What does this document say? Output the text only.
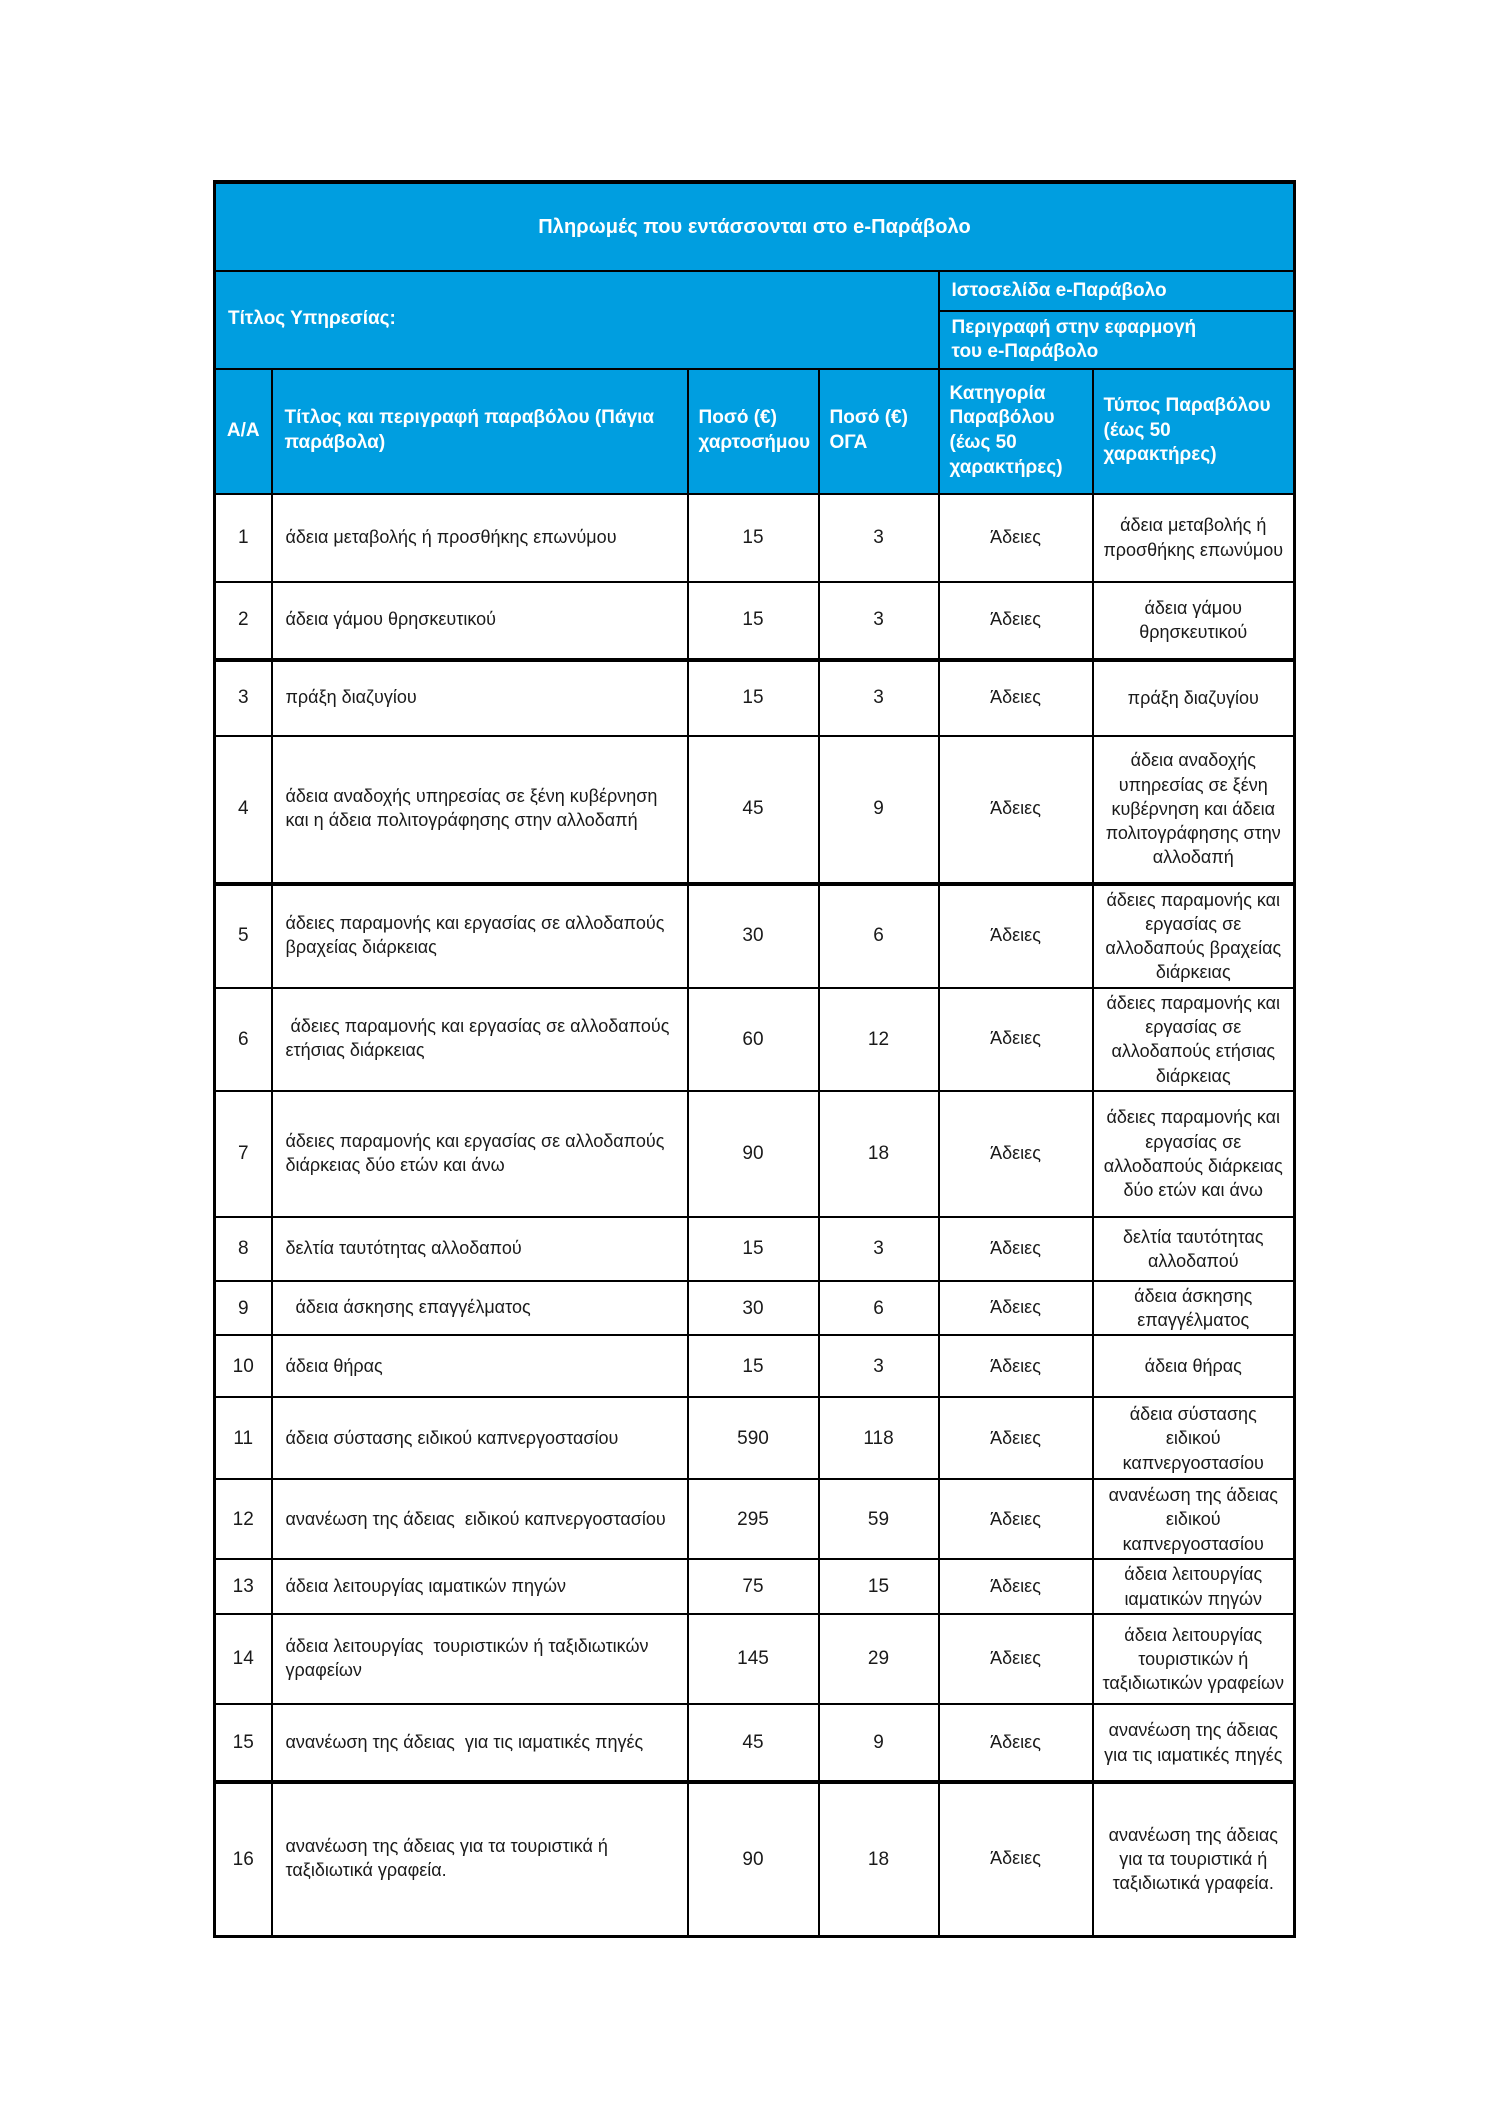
Πληρωμές που εντάσσονται στο e-Παράβολο					
Τίτλος Υπηρεσίας:				Ιστοσελίδα e-Παράβολο	
				Περιγραφή στην εφαρμογή του e-Παράβολο	
Α/Α	Τίτλος και περιγραφή παραβόλου (Πάγια παράβολα)	Ποσό (€) χαρτοσήμου	Ποσό (€) ΟΓΑ	Κατηγορία Παραβόλου (έως 50 χαρακτήρες)	Τύπος Παραβόλου (έως 50 χαρακτήρες)
1	άδεια μεταβολής ή προσθήκης επωνύμου	15	3	Άδειες	άδεια μεταβολής ή προσθήκης επωνύμου
2	άδεια γάμου θρησκευτικού	15	3	Άδειες	άδεια γάμου θρησκευτικού
3	πράξη διαζυγίου	15	3	Άδειες	πράξη διαζυγίου
4	άδεια αναδοχής υπηρεσίας σε ξένη κυβέρνηση και η άδεια πολιτογράφησης στην αλλοδαπή	45	9	Άδειες	άδεια αναδοχής υπηρεσίας σε ξένη κυβέρνηση και άδεια πολιτογράφησης στην αλλοδαπή
5	άδειες παραμονής και εργασίας σε αλλοδαπούς βραχείας διάρκειας	30	6	Άδειες	άδειες παραμονής και εργασίας σε αλλοδαπούς βραχείας διάρκειας
6	άδειες παραμονής και εργασίας σε αλλοδαπούς  ετήσιας διάρκειας	60	12	Άδειες	άδειες παραμονής και εργασίας σε αλλοδαπούς ετήσιας διάρκειας
7	άδειες παραμονής και εργασίας σε αλλοδαπούς διάρκειας δύο ετών και άνω	90	18	Άδειες	άδειες παραμονής και εργασίας σε αλλοδαπούς διάρκειας δύο ετών και άνω
8	δελτία ταυτότητας αλλοδαπού	15	3	Άδειες	δελτία ταυτότητας αλλοδαπού
9	άδεια άσκησης επαγγέλματος	30	6	Άδειες	άδεια άσκησης επαγγέλματος
10	άδεια θήρας	15	3	Άδειες	άδεια θήρας
11	άδεια σύστασης ειδικού καπνεργοστασίου	590	118	Άδειες	άδεια σύστασης ειδικού καπνεργοστασίου
12	ανανέωση της άδειας  ειδικού καπνεργοστασίου	295	59	Άδειες	ανανέωση της άδειας  ειδικού καπνεργοστασίου
13	άδεια λειτουργίας ιαματικών πηγών	75	15	Άδειες	άδεια λειτουργίας ιαματικών πηγών
14	άδεια λειτουργίας  τουριστικών ή ταξιδιωτικών γραφείων	145	29	Άδειες	άδεια λειτουργίας τουριστικών ή ταξιδιωτικών γραφείων
15	ανανέωση της άδειας  για τις ιαματικές πηγές	45	9	Άδειες	ανανέωση της άδειας  για τις ιαματικές πηγές
16	ανανέωση της άδειας για τα τουριστικά ή ταξιδιωτικά γραφεία.	90	18	Άδειες	ανανέωση της άδειας για τα τουριστικά ή ταξιδιωτικά γραφεία.
